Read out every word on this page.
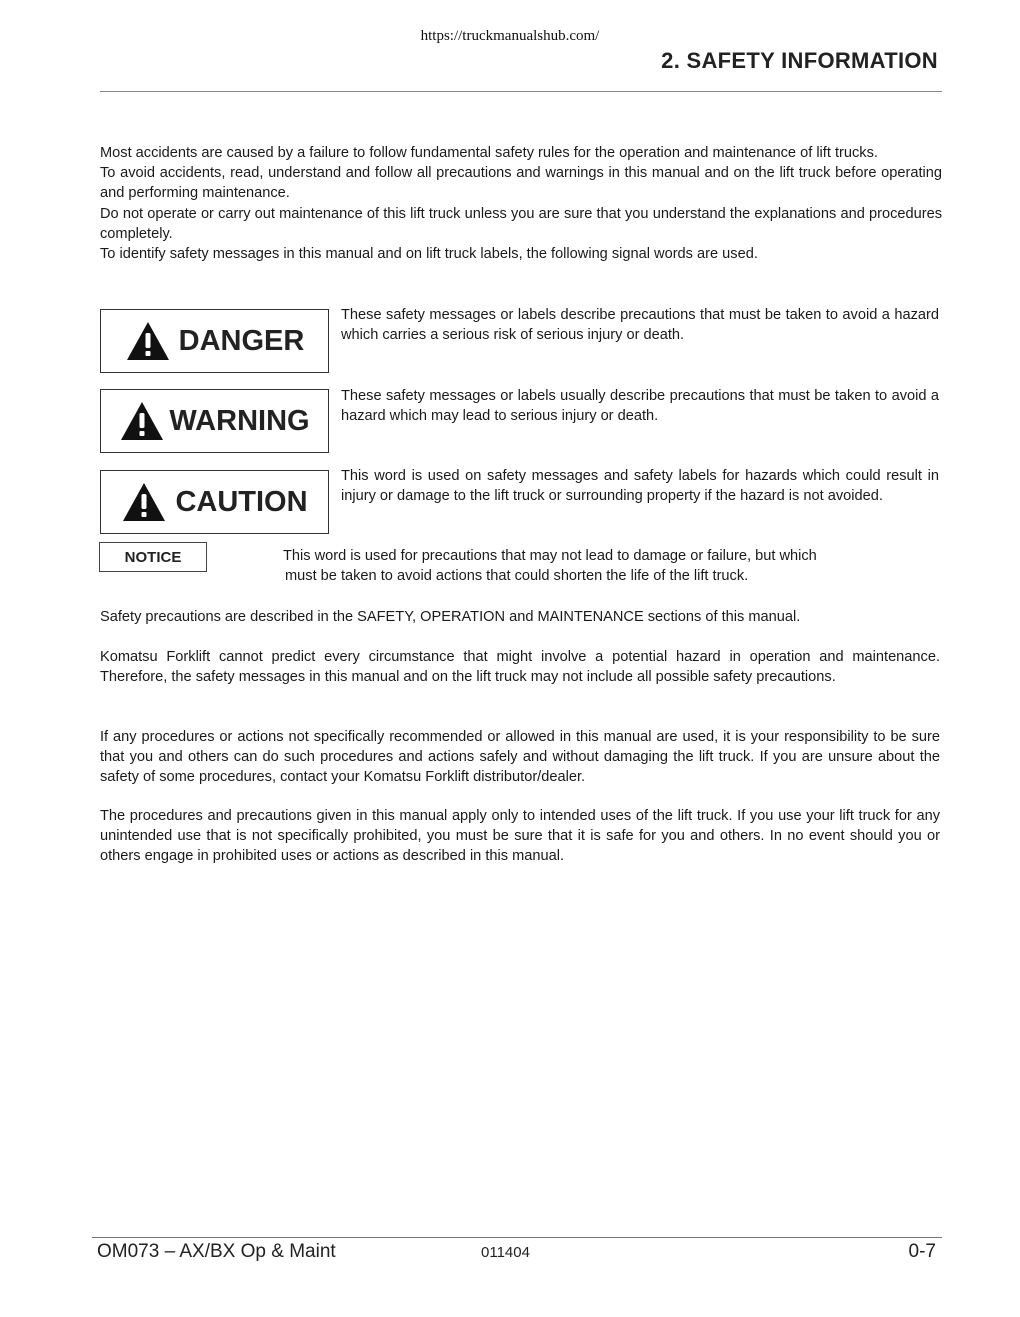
https://truckmanualshub.com/
2. SAFETY INFORMATION

Most accidents are caused by a failure to follow fundamental safety rules for the operation and maintenance of lift trucks.

To avoid accidents, read, understand and follow all precautions and warnings in this manual and on the lift truck before operating and performing maintenance.

Do not operate or carry out maintenance of this lift truck unless you are sure that you understand the explanations and procedures completely.

To identify safety messages in this manual and on lift truck labels, the following signal words are used.

DANGER
These safety messages or labels describe precautions that must be taken to avoid a hazard which carries a serious risk of serious injury or death.
WARNING
These safety messages or labels usually describe precautions that must be taken to avoid a hazard which may lead to serious injury or death.
CAUTION
This word is used on safety messages and safety labels for hazards which could result in injury or damage to the lift truck or surrounding property if the hazard is not avoided.
NOTICE	This word is used for precautions that may not lead to damage or failure, but which
must be taken to avoid actions that could shorten the life of the lift truck.

Safety precautions are described in the SAFETY, OPERATION and MAINTENANCE sections of this manual.

Komatsu Forklift cannot predict every circumstance that might involve a potential hazard in operation and maintenance. Therefore, the safety messages in this manual and on the lift truck may not include all possible safety precautions.

If any procedures or actions not specifically recommended or allowed in this manual are used, it is your responsibility to be sure that you and others can do such procedures and actions safely and without damaging the lift truck. If you are unsure about the safety of some procedures, contact your Komatsu Forklift distributor/dealer.

The procedures and precautions given in this manual apply only to intended uses of the lift truck. If you use your lift truck for any unintended use that is not specifically prohibited, you must be sure that it is safe for you and others. In no event should you or others engage in prohibited uses or actions as described in this manual.

OM073 – AX/BX Op & Maint	011404	0-7
